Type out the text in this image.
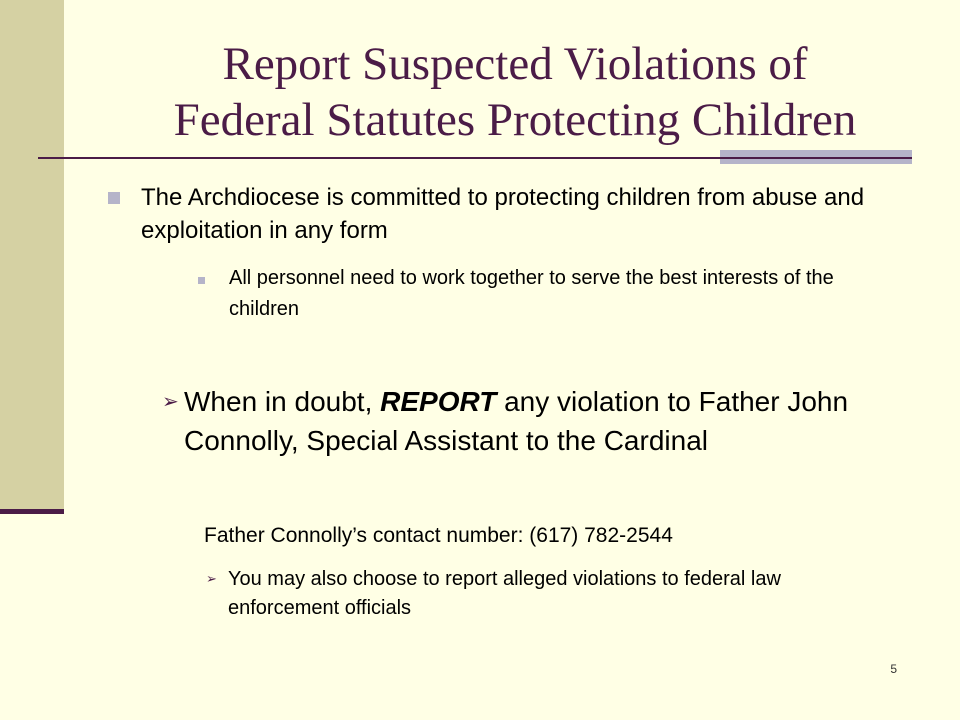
Report Suspected Violations of
Federal Statutes Protecting Children
The Archdiocese is committed to protecting children from abuse and exploitation in any form
All personnel need to work together to serve the best interests of the children
➢ When in doubt, REPORT any violation to Father John Connolly, Special Assistant to the Cardinal
Father Connolly’s contact number: (617) 782-2544
➢ You may also choose to report alleged violations to federal law enforcement officials
5
